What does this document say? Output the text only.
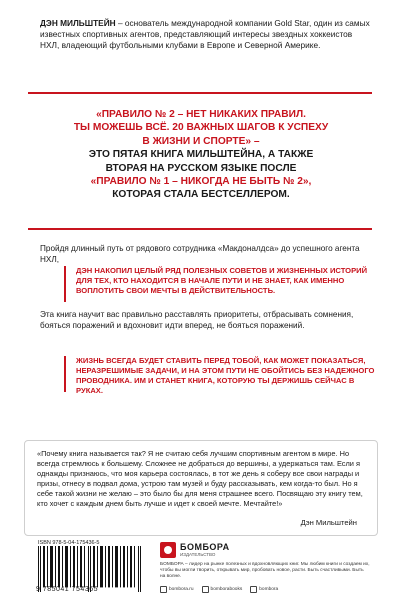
ДЭН МИЛЬШТЕЙН – основатель международной компании Gold Star, один из самых известных спортивных агентов, представляющий интересы звездных хоккеистов НХЛ, владеющий футбольными клубами в Европе и Северной Америке.
«ПРАВИЛО № 2 – НЕТ НИКАКИХ ПРАВИЛ.
ТЫ МОЖЕШЬ ВСЁ. 20 ВАЖНЫХ ШАГОВ К УСПЕХУ
В ЖИЗНИ И СПОРТЕ» –
ЭТО ПЯТАЯ КНИГА МИЛЬШТЕЙНА, А ТАКЖЕ
ВТОРАЯ НА РУССКОМ ЯЗЫКЕ ПОСЛЕ
«ПРАВИЛО № 1 – НИКОГДА НЕ БЫТЬ № 2»,
КОТОРАЯ СТАЛА БЕСТСЕЛЛЕРОМ.
Пройдя длинный путь от рядового сотрудника «Макдоналдса» до успешного агента НХЛ,
ДЭН НАКОПИЛ ЦЕЛЫЙ РЯД ПОЛЕЗНЫХ СОВЕТОВ И ЖИЗНЕННЫХ ИСТОРИЙ ДЛЯ ТЕХ, КТО НАХОДИТСЯ В НАЧАЛЕ ПУТИ И НЕ ЗНАЕТ, КАК ИМЕННО ВОПЛОТИТЬ СВОИ МЕЧТЫ В ДЕЙСТВИТЕЛЬНОСТЬ.
Эта книга научит вас правильно расставлять приоритеты, отбрасывать сомнения, бояться поражений и вдохновит идти вперед, не бояться поражений.
ЖИЗНЬ ВСЕГДА БУДЕТ СТАВИТЬ ПЕРЕД ТОБОЙ, КАК МОЖЕТ ПОКАЗАТЬСЯ, НЕРАЗРЕШИМЫЕ ЗАДАЧИ, И НА ЭТОМ ПУТИ НЕ ОБОЙТИСЬ БЕЗ НАДЕЖНОГО ПРОВОДНИКА. ИМ И СТАНЕТ КНИГА, КОТОРУЮ ТЫ ДЕРЖИШЬ СЕЙЧАС В РУКАХ.
«Почему книга называется так? Я не считаю себя лучшим спортивным агентом в мире. Но всегда стремлюсь к большему. Сложнее не добраться до вершины, а удержаться там. Если я однажды признаюсь, что моя карьера состоялась, в тот же день я соберу все свои награды и призы, отнесу в подвал дома, устрою там музей и буду рассказывать, кем когда-то был. Но я себе такой жизни не желаю – это было бы для меня страшнее всего. Посвящаю эту книгу тем, кто хочет с каждым днем быть лучше и идет к своей мечте. Мечтайте!»
Дэн Мильштейн
ISBN 978-5-04-175436-5
9 785041 754365
БОМБОРА
ИЗДАТЕЛЬСТВО
БОМБОРА – лидер на рынке полезных и вдохновляющих книг. Мы любим книги и создаем их, чтобы вы могли творить, открывать мир, пробовать новое, расти. Быть счастливыми. Быть на волне.
bombora.ru	bomborabooks	bombora
